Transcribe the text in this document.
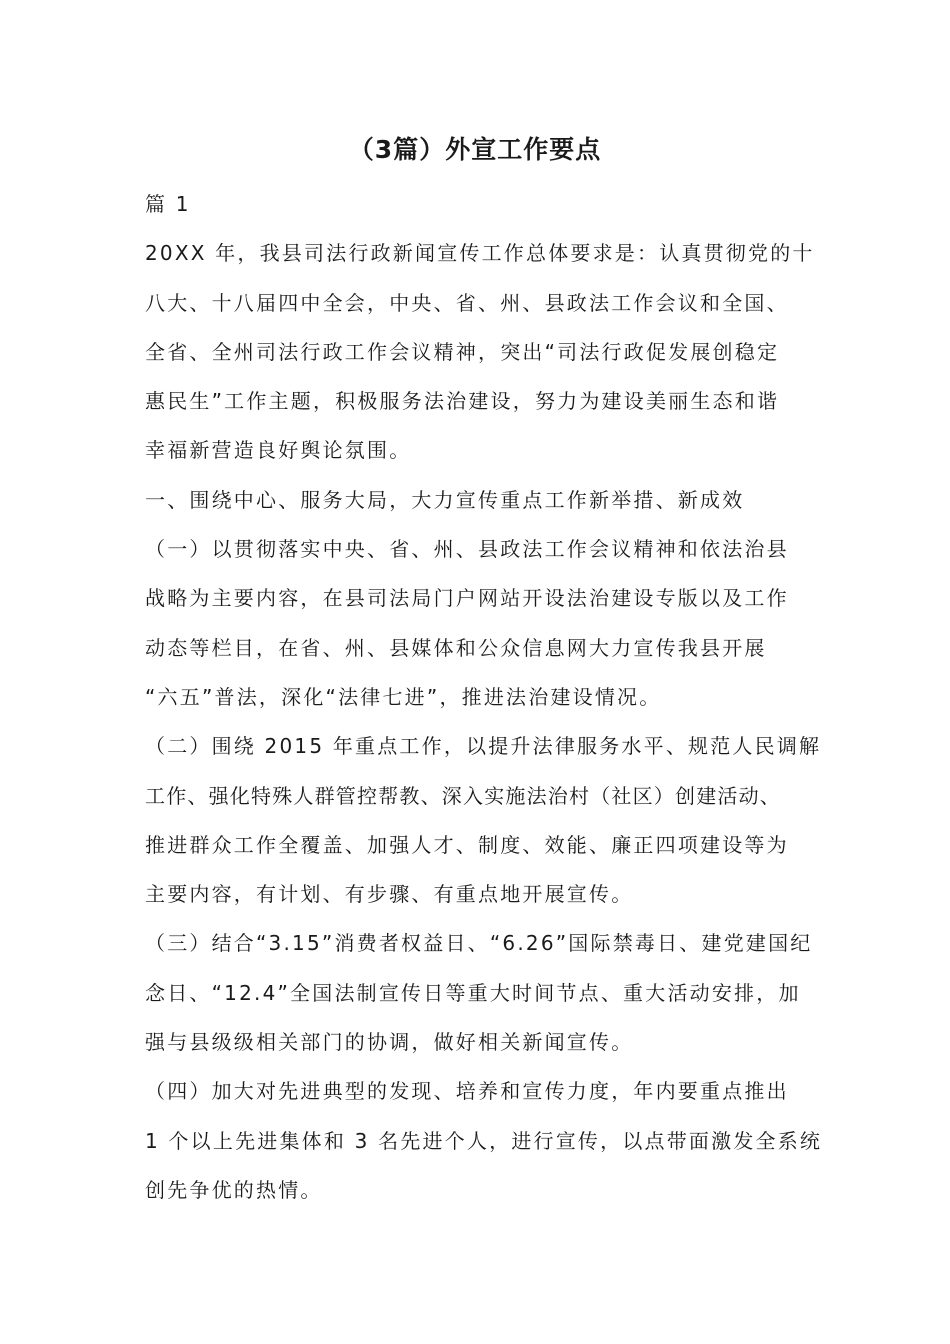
（3篇）外宣工作要点
篇 1
20XX 年，我县司法行政新闻宣传工作总体要求是：认真贯彻党的十
八大、十八届四中全会，中央、省、州、县政法工作会议和全国、
全省、全州司法行政工作会议精神，突出“司法行政促发展创稳定
惠民生”工作主题，积极服务法治建设，努力为建设美丽生态和谐
幸福新营造良好舆论氛围。
一、围绕中心、服务大局，大力宣传重点工作新举措、新成效
（一）以贯彻落实中央、省、州、县政法工作会议精神和依法治县
战略为主要内容，在县司法局门户网站开设法治建设专版以及工作
动态等栏目，在省、州、县媒体和公众信息网大力宣传我县开展
“六五”普法，深化“法律七进”，推进法治建设情况。
（二）围绕 2015 年重点工作，以提升法律服务水平、规范人民调解
工作、强化特殊人群管控帮教、深入实施法治村（社区）创建活动、
推进群众工作全覆盖、加强人才、制度、效能、廉正四项建设等为
主要内容，有计划、有步骤、有重点地开展宣传。
（三）结合“3.15”消费者权益日、“6.26”国际禁毒日、建党建国纪
念日、“12.4”全国法制宣传日等重大时间节点、重大活动安排，加
强与县级级相关部门的协调，做好相关新闻宣传。
（四）加大对先进典型的发现、培养和宣传力度，年内要重点推出
1 个以上先进集体和 3 名先进个人，进行宣传，以点带面激发全系统
创先争优的热情。
